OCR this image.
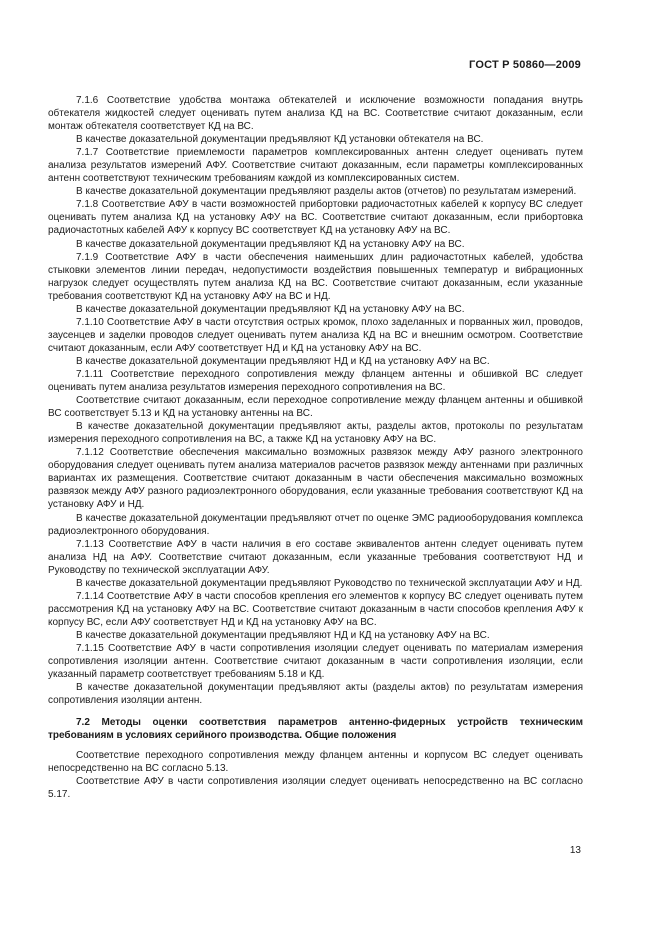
ГОСТ Р 50860—2009

7.1.6 Соответствие удобства монтажа обтекателей и исключение возможности попадания внутрь обтекателя жидкостей следует оценивать путем анализа КД на ВС. Соответствие считают доказанным, если монтаж обтекателя соответствует КД на ВС.

В качестве доказательной документации предъявляют КД установки обтекателя на ВС.

7.1.7 Соответствие приемлемости параметров комплексированных антенн следует оценивать путем анализа результатов измерений АФУ. Соответствие считают доказанным, если параметры комплексированных антенн соответствуют техническим требованиям каждой из комплексированных систем.

В качестве доказательной документации предъявляют разделы актов (отчетов) по результатам измерений.

7.1.8 Соответствие АФУ в части возможностей прибортовки радиочастотных кабелей к корпусу ВС следует оценивать путем анализа КД на установку АФУ на ВС. Соответствие считают доказанным, если прибортовка радиочастотных кабелей АФУ к корпусу ВС соответствует КД на установку АФУ на ВС.

В качестве доказательной документации предъявляют КД на установку АФУ на ВС.

7.1.9 Соответствие АФУ в части обеспечения наименьших длин радиочастотных кабелей, удобства стыковки элементов линии передач, недопустимости воздействия повышенных температур и вибрационных нагрузок следует осуществлять путем анализа КД на ВС. Соответствие считают доказанным, если указанные требования соответствуют КД на установку АФУ на ВС и НД.

В качестве доказательной документации предъявляют КД на установку АФУ на ВС.

7.1.10 Соответствие АФУ в части отсутствия острых кромок, плохо заделанных и порванных жил, проводов, заусенцев и заделки проводов следует оценивать путем анализа КД на ВС и внешним осмотром. Соответствие считают доказанным, если АФУ соответствует НД и КД на установку АФУ на ВС.

В качестве доказательной документации предъявляют НД и КД на установку АФУ на ВС.

7.1.11 Соответствие переходного сопротивления между фланцем антенны и обшивкой ВС следует оценивать путем анализа результатов измерения переходного сопротивления на ВС.

Соответствие считают доказанным, если переходное сопротивление между фланцем антенны и обшивкой ВС соответствует 5.13 и КД на установку антенны на ВС.

В качестве доказательной документации предъявляют акты, разделы актов, протоколы по результатам измерения переходного сопротивления на ВС, а также КД на установку АФУ на ВС.

7.1.12 Соответствие обеспечения максимально возможных развязок между АФУ разного электронного оборудования следует оценивать путем анализа материалов расчетов развязок между антеннами при различных вариантах их размещения. Соответствие считают доказанным в части обеспечения максимально возможных развязок между АФУ разного радиоэлектронного оборудования, если указанные требования соответствуют КД на установку АФУ и НД.

В качестве доказательной документации предъявляют отчет по оценке ЭМС радиооборудования комплекса радиоэлектронного оборудования.

7.1.13 Соответствие АФУ в части наличия в его составе эквивалентов антенн следует оценивать путем анализа НД на АФУ. Соответствие считают доказанным, если указанные требования соответствуют НД и Руководству по технической эксплуатации АФУ.

В качестве доказательной документации предъявляют Руководство по технической эксплуатации АФУ и НД.

7.1.14 Соответствие АФУ в части способов крепления его элементов к корпусу ВС следует оценивать путем рассмотрения КД на установку АФУ на ВС. Соответствие считают доказанным в части способов крепления АФУ к корпусу ВС, если АФУ соответствует НД и КД на установку АФУ на ВС.

В качестве доказательной документации предъявляют НД и КД на установку АФУ на ВС.

7.1.15 Соответствие АФУ в части сопротивления изоляции следует оценивать по материалам измерения сопротивления изоляции антенн. Соответствие считают доказанным в части сопротивления изоляции, если указанный параметр соответствует требованиям 5.18 и КД.

В качестве доказательной документации предъявляют акты (разделы актов) по результатам измерения сопротивления изоляции антенн.

7.2 Методы оценки соответствия параметров антенно-фидерных устройств техническим требованиям в условиях серийного производства. Общие положения

Соответствие переходного сопротивления между фланцем антенны и корпусом ВС следует оценивать непосредственно на ВС согласно 5.13.

Соответствие АФУ в части сопротивления изоляции следует оценивать непосредственно на ВС согласно 5.17.

13
